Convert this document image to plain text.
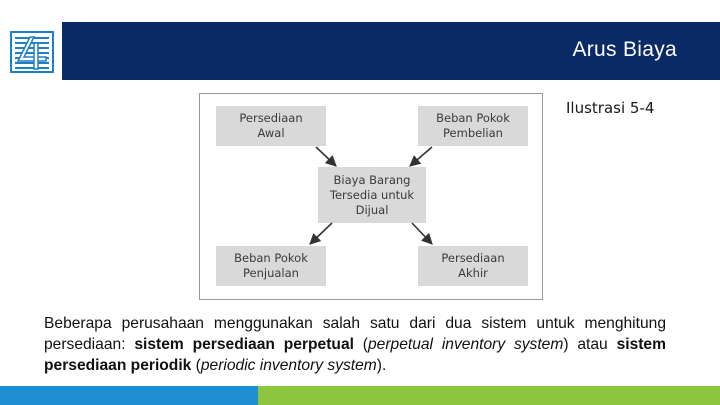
Arus Biaya
Persediaan
Awal
Beban Pokok
Pembelian
Biaya Barang
Tersedia untuk
Dijual
Beban Pokok
Penjualan
Persediaan
Akhir
Ilustrasi 5-4
Beberapa perusahaan menggunakan salah satu dari dua sistem untuk menghitung persediaan: sistem persediaan perpetual (perpetual inventory system) atau sistem persediaan periodik (periodic inventory system).
